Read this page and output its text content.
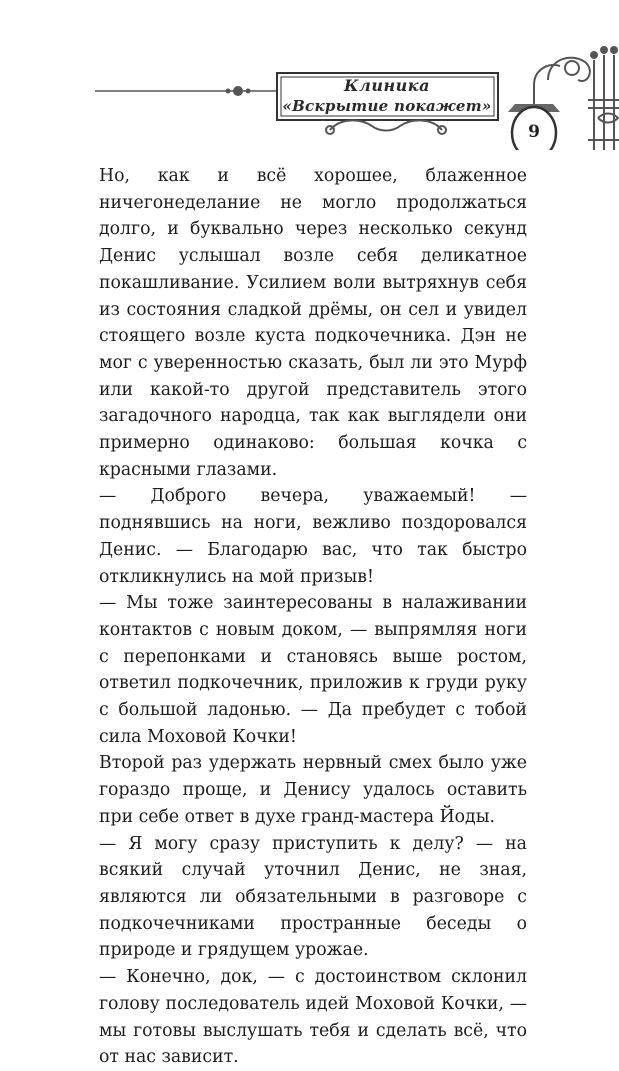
Клиника
«Вскрытие покажет»
9

Но, как и всё хорошее, блаженное ничегонеделание не могло продолжаться долго, и буквально через несколько секунд Денис услышал возле себя деликатное покашливание. Усилием воли вытряхнув себя из состояния сладкой дрёмы, он сел и увидел стоящего возле куста подкочечника. Дэн не мог с уверенностью сказать, был ли это Мурф или какой-то другой представитель этого загадочного народца, так как выглядели они примерно одинаково: большая кочка с красными глазами.

— Доброго вечера, уважаемый! — поднявшись на ноги, вежливо поздоровался Денис. — Благодарю вас, что так быстро откликнулись на мой призыв!

— Мы тоже заинтересованы в налаживании контактов с новым доком, — выпрямляя ноги с перепонками и становясь выше ростом, ответил подкочечник, приложив к груди руку с большой ладонью. — Да пребудет с тобой сила Моховой Кочки!

Второй раз удержать нервный смех было уже гораздо проще, и Денису удалось оставить при себе ответ в духе гранд-мастера Йоды.

— Я могу сразу приступить к делу? — на всякий случай уточнил Денис, не зная, являются ли обязательными в разговоре с подкочечниками пространные беседы о природе и грядущем урожае.

— Конечно, док, — с достоинством склонил голову последователь идей Моховой Кочки, — мы готовы выслушать тебя и сделать всё, что от нас зависит.
